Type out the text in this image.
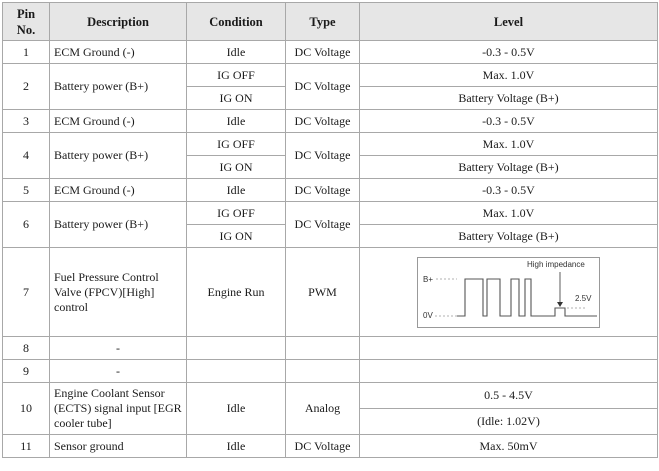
Pin
No.	Description	Condition	Type	Level
1	ECM Ground (-)	Idle	DC Voltage	-0.3 - 0.5V
2	Battery power (B+)	IG OFF	DC Voltage	Max. 1.0V
		IG ON		Battery Voltage (B+)
3	ECM Ground (-)	Idle	DC Voltage	-0.3 - 0.5V
4	Battery power (B+)	IG OFF	DC Voltage	Max. 1.0V
		IG ON		Battery Voltage (B+)
5	ECM Ground (-)	Idle	DC Voltage	-0.3 - 0.5V
6	Battery power (B+)	IG OFF	DC Voltage	Max. 1.0V
		IG ON		Battery Voltage (B+)
7	Fuel Pressure Control Valve (FPCV)[High] control	Engine Run	PWM	B+
0V
High impedance
2.5V

8	-			
9	-			
10	Engine Coolant Sensor (ECTS) signal input [EGR cooler tube]	Idle	Analog	0.5 - 4.5V
				(Idle: 1.02V)
11	Sensor ground	Idle	DC Voltage	Max. 50mV
